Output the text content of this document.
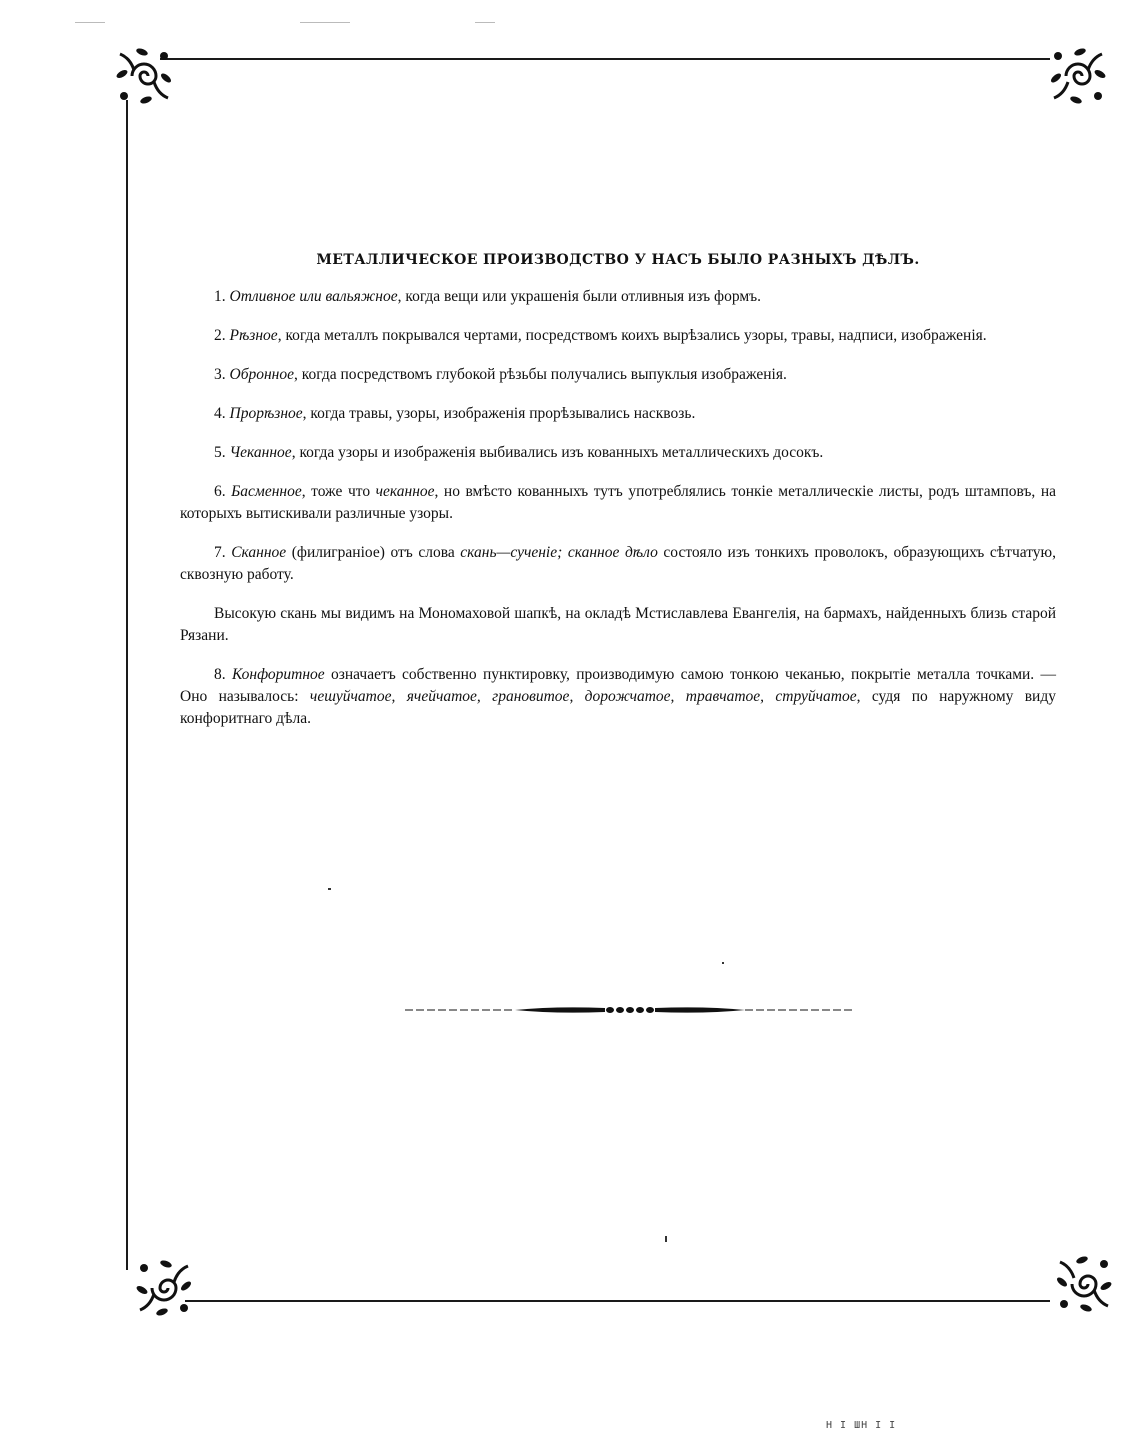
МЕТАЛЛИЧЕСКОЕ ПРОИЗВОДСТВО У НАСЪ БЫЛО РАЗНЫХЪ ДѢЛЪ.

1. Отливное или вальяжное, когда вещи или украшенія были отливныя изъ формъ.

2. Рѣзное, когда металлъ покрывался чертами, посредствомъ коихъ вырѣзались узоры, травы, надписи, изображенія.

3. Обронное, когда посредствомъ глубокой рѣзьбы получались выпуклыя изображенія.

4. Прорѣзное, когда травы, узоры, изображенія прорѣзывались насквозь.

5. Чеканное, когда узоры и изображенія выбивались изъ кованныхъ металлическихъ досокъ.

6. Басменное, тоже что чеканное, но вмѣсто кованныхъ тутъ употреблялись тонкіе металлическіе листы, родъ штамповъ, на которыхъ вытискивали различные узоры.

7. Сканное (филиграніое) отъ слова скань—сученіе; сканное дѣло состояло изъ тонкихъ проволокъ, образующихъ сѣтчатую, сквозную работу.

Высокую скань мы видимъ на Мономаховой шапкѣ, на окладѣ Мстиславлева Евангелія, на бармахъ, найденныхъ близь старой Рязани.

8. Конфоритное означаетъ собственно пунктировку, производимую самою тонкою чеканью, покрытіе металла точками. — Оно называлось: чешуйчатое, ячейчатое, грановитое, дорожчатое, травчатое, струйчатое, судя по наружному виду конфоритнаго дѣла.

Н I ШН I I
